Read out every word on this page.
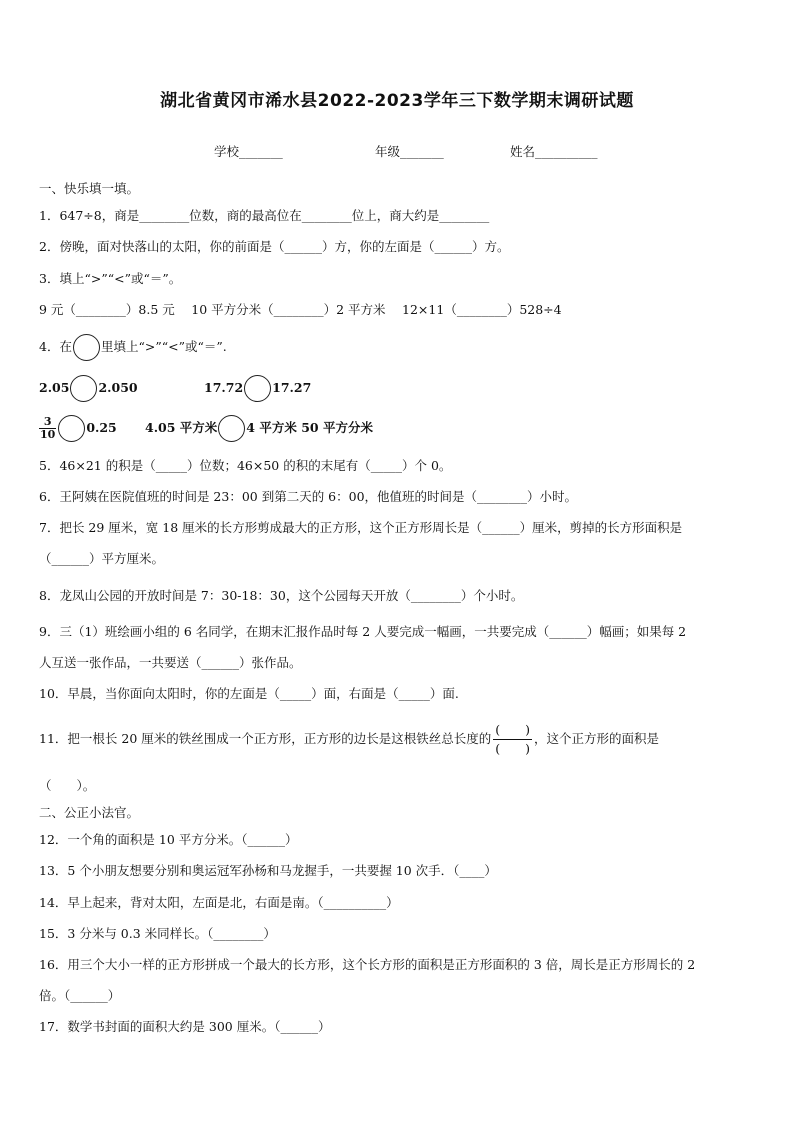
湖北省黄冈市浠水县2022-2023学年三下数学期末调研试题
学校_______	年级_______	姓名__________
一、快乐填一填。
1．647÷8，商是________位数，商的最高位在________位上，商大约是________
2．傍晚，面对快落山的太阳，你的前面是（______）方，你的左面是（______）方。
3．填上“>”“<”或“＝”。
9 元（________）8.5 元　 10 平方分米（________）2 平方米　 12×11（________）528÷4
4．在 里填上“>”“<”或“＝”.
2.05 2.050	17.72 17.27
$\frac{3}{10} 0.25$ 4.05 平方米 4 平方米 50 平方分米
5．46×21 的积是（_____）位数；46×50 的积的末尾有（_____）个 0。
6．王阿姨在医院值班的时间是 23：00 到第二天的 6：00，他值班的时间是（________）小时。
7．把长 29 厘米，宽 18 厘米的长方形剪成最大的正方形，这个正方形周长是（______）厘米，剪掉的长方形面积是
（______）平方厘米。
8．龙凤山公园的开放时间是 7：30-18：30，这个公园每天开放（________）个小时。
9．三（1）班绘画小组的 6 名同学，在期末汇报作品时每 2 人要完成一幅画，一共要完成（______）幅画；如果每 2
人互送一张作品，一共要送（______）张作品。
10．早晨，当你面向太阳时，你的左面是（_____）面，右面是（_____）面.
11．把一根长 20 厘米的铁丝围成一个正方形，正方形的边长是这根铁丝总长度的
(　　)
(　　)
，这个正方形的面积是
（　　）。
二、公正小法官。
12．一个角的面积是 10 平方分米。（______）
13．5 个小朋友想要分别和奥运冠军孙杨和马龙握手，一共要握 10 次手．（____）
14．早上起来，背对太阳，左面是北，右面是南。（__________）
15．3 分米与 0.3 米同样长。（________）
16．用三个大小一样的正方形拼成一个最大的长方形，这个长方形的面积是正方形面积的 3 倍，周长是正方形周长的 2
倍。（______）
17．数学书封面的面积大约是 300 厘米。（______）
